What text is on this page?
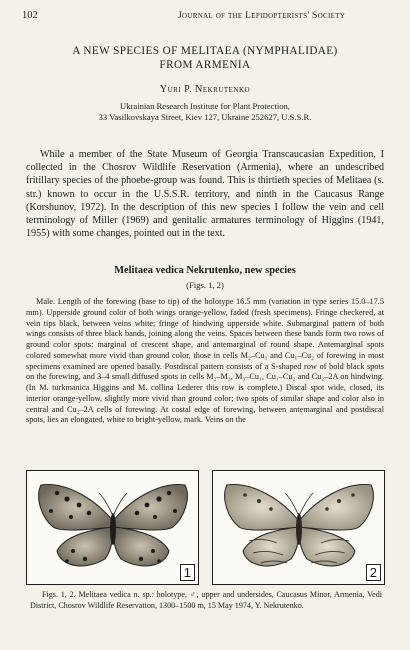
102	Journal of the Lepidopterists' Society
A NEW SPECIES OF MELITAEA (NYMPHALIDAE)
FROM ARMENIA
Yuri P. Nekrutenko
Ukrainian Research Institute for Plant Protection,
33 Vasilkovskaya Street, Kiev 127, Ukraine 252627, U.S.S.R.

While a member of the State Museum of Georgia Transcaucasian Expedition, I collected in the Chosrov Wildlife Reservation (Armenia), where an undescribed fritillary species of the phoebe-group was found. This is thirtieth species of Melitaea (s. str.) known to occur in the U.S.S.R. territory, and ninth in the Caucasus Range (Korshunov, 1972). In the description of this new species I follow the vein and cell terminology of Miller (1969) and genitalic armatures terminology of Higgins (1941, 1955) with some changes, pointed out in the text.

Melitaea vedica Nekrutenko, new species
(Figs. 1, 2)

Male. Length of the forewing (base to tip) of the holotype 16.5 mm (variation in type series 15.0–17.5 mm). Upperside ground color of both wings orange-yellow, faded (fresh specimens). Fringe checkered, at vein tips black, between veins white; fringe of hindwing upperside white. Submarginal pattern of both wings consists of three black bands, joining along the veins. Spaces between these bands form two rows of ground color spots: marginal of crescent shape, and antemarginal of round shape. Antemarginal spots colored somewhat more vivid than ground color, those in cells M₂–Cu₁ and Cu₁–Cu₂ of forewing in most specimens examined are opened basally. Postdiscal pattern consists of a S-shaped row of bold black spots on the forewing, and 3–4 small diffused spots in cells M₂–M₃, M₃–Cu₁, Cu₁–Cu₂ and Cu₂–2A on hindwing. (In M. turkmanica Higgins and M. collina Lederer this row is complete.) Discal spot wide, closed, its interior orange-yellow, slightly more vivid than ground color; two spots of similar shape and color also in central and Cu₂–2A cells of forewing. At costal edge of forewing, between antemarginal and postdiscal spots, lies an elongated, white to bright-yellow, mark. Veins on the

1	2

Figs. 1, 2. Melitaea vedica n. sp.: holotype, ♂, upper and undersides, Caucasus Minor, Armenia, Vedi District, Chosrov Wildlife Reservation, 1300–1500 m, 15 May 1974, Y. Nekrutenko.
